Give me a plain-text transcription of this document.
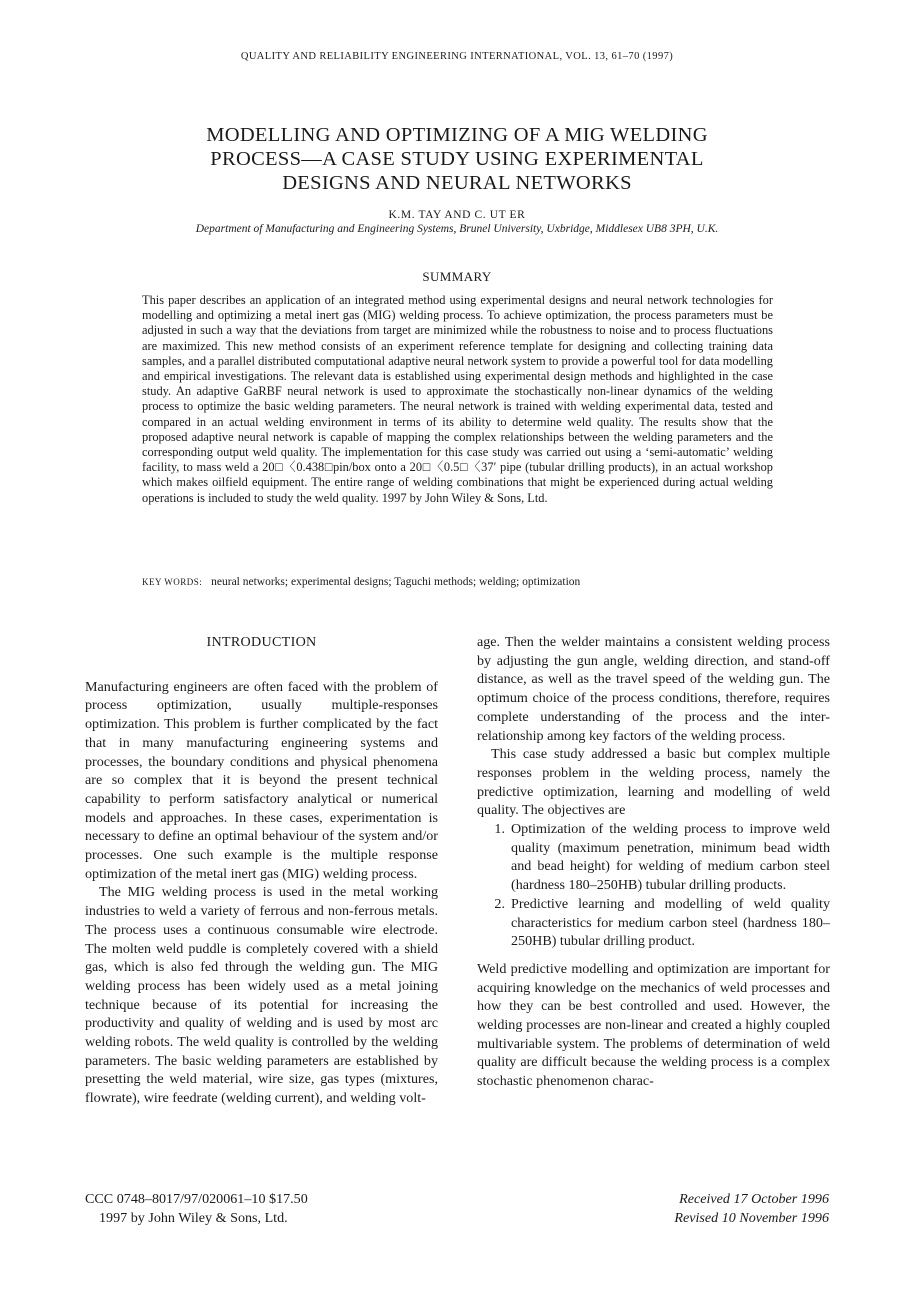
QUALITY AND RELIABILITY ENGINEERING INTERNATIONAL, VOL. 13, 61–70 (1997)
MODELLING AND OPTIMIZING OF A MIG WELDING
PROCESS—A CASE STUDY USING EXPERIMENTAL
DESIGNS AND NEURAL NETWORKS
K.M. TAY AND C. UT ER
Department of Manufacturing and Engineering Systems, Brunel University, Uxbridge, Middlesex UB8 3PH, U.K.
SUMMARY

This paper describes an application of an integrated method using experimental designs and neural network technologies for modelling and optimizing a metal inert gas (MIG) welding process. To achieve optimization, the process parameters must be adjusted in such a way that the deviations from target are minimized while the robustness to noise and to process fluctuations are maximized. This new method consists of an experiment reference template for designing and collecting training data samples, and a parallel distributed computational adaptive neural network system to provide a powerful tool for data modelling and empirical investigations. The relevant data is established using experimental design methods and highlighted in the case study. An adaptive GaRBF neural network is used to approximate the stochastically non-linear dynamics of the welding process to optimize the basic welding parameters. The neural network is trained with welding experimental data, tested and compared in an actual welding environment in terms of its ability to determine weld quality. The results show that the proposed adaptive neural network is capable of mapping the complex relationships between the welding parameters and the corresponding output weld quality. The implementation for this case study was carried out using a ‘semi-automatic’ welding facility, to mass weld a 20□〈0.438□pin/box onto a 20□〈0.5□〈37′ pipe (tubular drilling products), in an actual workshop which makes oilfield equipment. The entire range of welding combinations that might be experienced during actual welding operations is included to study the weld quality. 1997 by John Wiley & Sons, Ltd.

KEY WORDS: neural networks; experimental designs; Taguchi methods; welding; optimization
INTRODUCTION

Manufacturing engineers are often faced with the problem of process optimization, usually multiple-responses optimization. This problem is further complicated by the fact that in many manufacturing engineering systems and processes, the boundary conditions and physical phenomena are so complex that it is beyond the present technical capability to perform satisfactory analytical or numerical models and approaches. In these cases, experimentation is necessary to define an optimal behaviour of the system and/or processes. One such example is the multiple response optimization of the metal inert gas (MIG) welding process.

The MIG welding process is used in the metal working industries to weld a variety of ferrous and non-ferrous metals. The process uses a continuous consumable wire electrode. The molten weld puddle is completely covered with a shield gas, which is also fed through the welding gun. The MIG welding process has been widely used as a metal joining technique because of its potential for increasing the productivity and quality of welding and is used by most arc welding robots. The weld quality is controlled by the welding parameters. The basic welding parameters are established by presetting the weld material, wire size, gas types (mixtures, flowrate), wire feedrate (welding current), and welding volt-

age. Then the welder maintains a consistent welding process by adjusting the gun angle, welding direction, and stand-off distance, as well as the travel speed of the welding gun. The optimum choice of the process conditions, therefore, requires complete understanding of the process and the inter-relationship among key factors of the welding process.

This case study addressed a basic but complex multiple responses problem in the welding process, namely the predictive optimization, learning and modelling of weld quality. The objectives are

1. Optimization of the welding process to improve weld quality (maximum penetration, minimum bead width and bead height) for welding of medium carbon steel (hardness 180–250HB) tubular drilling products.
2. Predictive learning and modelling of weld quality characteristics for medium carbon steel (hardness 180–250HB) tubular drilling product.

Weld predictive modelling and optimization are important for acquiring knowledge on the mechanics of weld processes and how they can be best controlled and used. However, the welding processes are non-linear and created a highly coupled multivariable system. The problems of determination of weld quality are difficult because the welding process is a complex stochastic phenomenon charac-

CCC 0748–8017/97/020061–10 $17.50
1997 by John Wiley & Sons, Ltd.
Received 17 October 1996
Revised 10 November 1996
